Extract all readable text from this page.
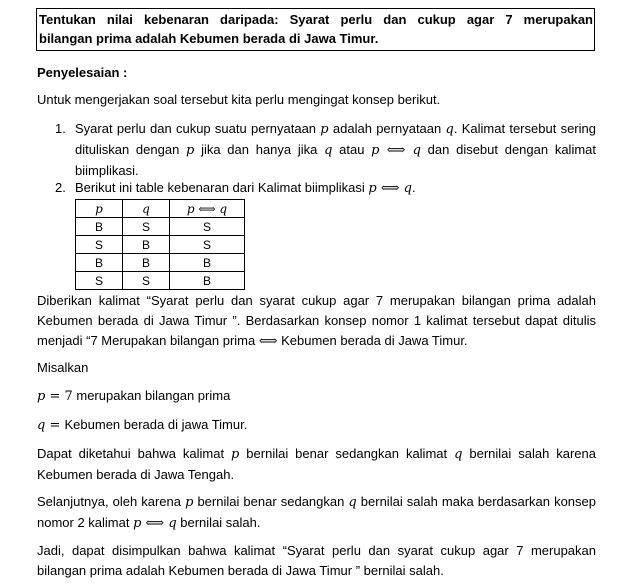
Tentukan nilai kebenaran daripada: Syarat perlu dan cukup agar 7 merupakan
bilangan prima adalah Kebumen berada di Jawa Timur.
Penyelesaian :
Untuk mengerjakan soal tersebut kita perlu mengingat konsep berikut.
1. Syarat perlu dan cukup suatu pernyataan p adalah pernyataan q. Kalimat tersebut sering dituliskan dengan p jika dan hanya jika q atau p ⟺ q dan disebut dengan kalimat biimplikasi.
2. Berikut ini table kebenaran dari Kalimat biimplikasi p ⟺ q.
p	q	p ⟺ q
B	S	S
S	B	S
B	B	B
S	S	B
Diberikan kalimat “Syarat perlu dan syarat cukup agar 7 merupakan bilangan prima adalah Kebumen berada di Jawa Timur ”. Berdasarkan konsep nomor 1 kalimat tersebut dapat ditulis menjadi “7 Merupakan bilangan prima ⟺ Kebumen berada di Jawa Timur.
Misalkan
p = 7 merupakan bilangan prima
q = Kebumen berada di jawa Timur.
Dapat diketahui bahwa kalimat p bernilai benar sedangkan kalimat q bernilai salah karena Kebumen berada di Jawa Tengah.
Selanjutnya, oleh karena p bernilai benar sedangkan q bernilai salah maka berdasarkan konsep nomor 2 kalimat p ⟺ q bernilai salah.
Jadi, dapat disimpulkan bahwa kalimat “Syarat perlu dan syarat cukup agar 7 merupakan bilangan prima adalah Kebumen berada di Jawa Timur ” bernilai salah.
